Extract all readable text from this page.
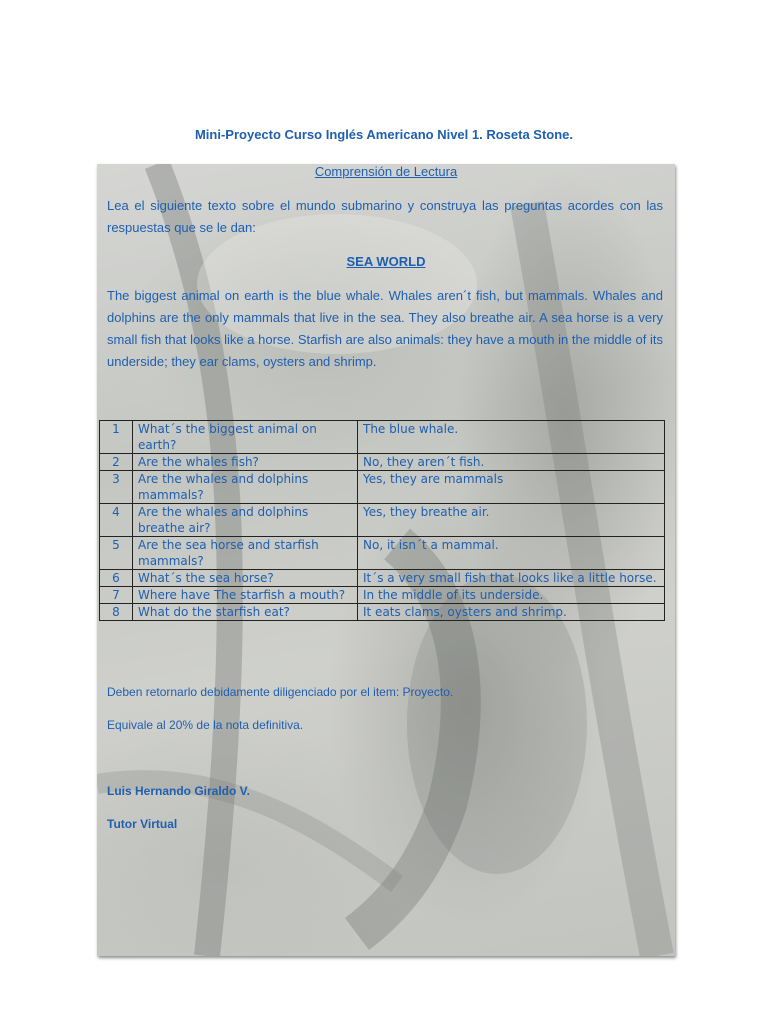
Mini-Proyecto Curso Inglés Americano Nivel 1. Roseta Stone.
Comprensión de Lectura
Lea el siguiente texto sobre el mundo submarino y construya las preguntas acordes con las respuestas que se le dan:
SEA WORLD
The biggest animal on earth is the blue whale. Whales aren´t fish, but mammals. Whales and dolphins are the only mammals that live in the sea. They also breathe air. A sea horse is a very small fish that looks like a horse. Starfish are also animals: they have a mouth in the middle of its underside; they ear clams, oysters and shrimp.
1	What´s the biggest animal on earth?	The blue whale.
2	Are the whales fish?	No, they aren´t fish.
3	Are the whales and dolphins mammals?	Yes, they are mammals
4	Are the whales and dolphins breathe air?	Yes, they breathe air.
5	Are the sea horse and starfish mammals?	No, it isn´t a mammal.
6	What´s the sea horse?	It´s a very small fish that looks like a little horse.
7	Where have The starfish a mouth?	In the middle of its underside.
8	What do the starfish eat?	It eats clams, oysters and shrimp.
Deben retornarlo debidamente diligenciado por el item: Proyecto.
Equivale al 20% de la nota definitiva.
Luis Hernando Giraldo V.
Tutor Virtual
